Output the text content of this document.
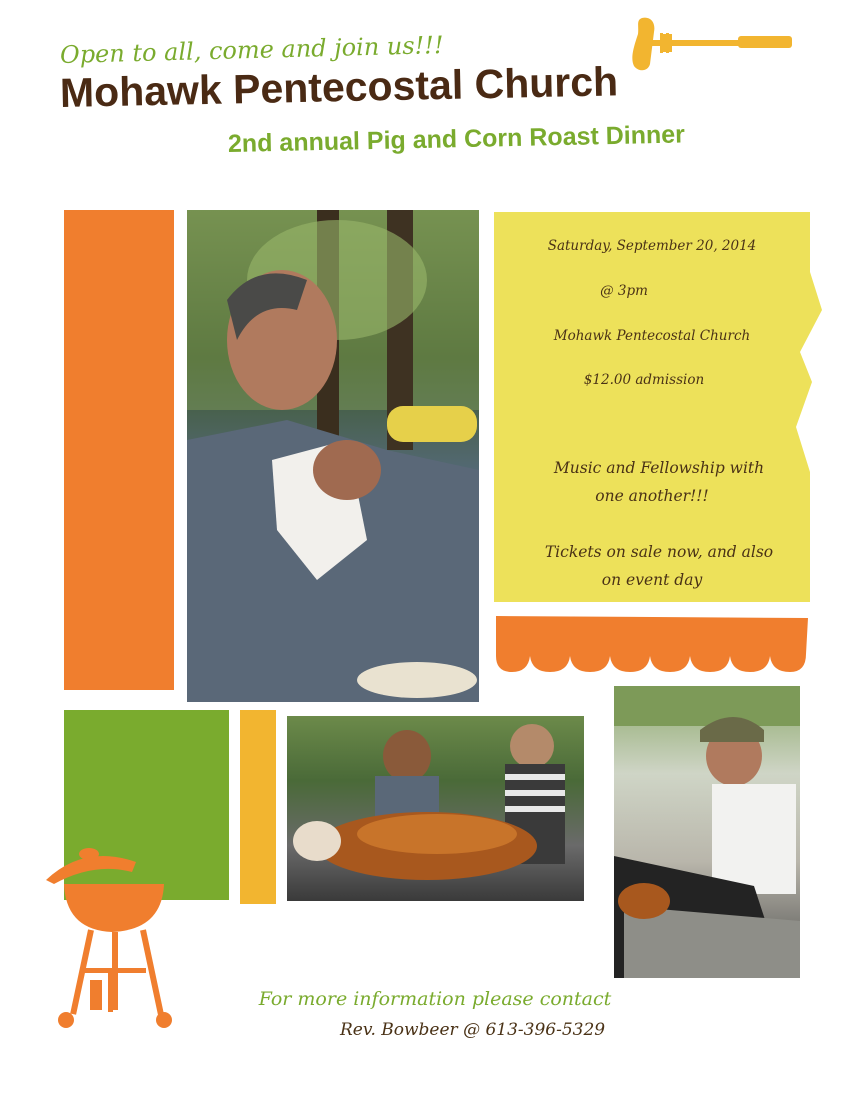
Open to all, come and join us!!!
Mohawk Pentecostal Church
2nd annual Pig and Corn Roast Dinner
Saturday, September 20, 2014
@ 3pm
Mohawk Pentecostal Church
$12.00 admission
Music and Fellowship with
one another!!!
Tickets on sale now, and also
on event day
For more information please contact
Rev. Bowbeer @ 613-396-5329
